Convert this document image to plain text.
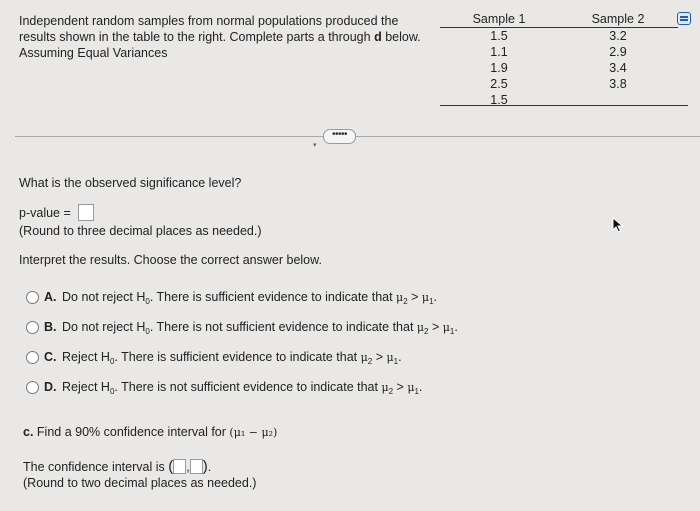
Independent random samples from normal populations produced the
results shown in the table to the right. Complete parts a through d below.
Assuming Equal Variances
Sample 1	Sample 2
1.5	3.2
1.1	2.9
1.9	3.4
2.5	3.8
1.5	
•••••
▾
What is the observed significance level?
p-value =
(Round to three decimal places as needed.)
Interpret the results. Choose the correct answer below.
A. Do not reject $H_0$. There is sufficient evidence to indicate that $\mu_2 > \mu_1$.
B. Do not reject $H_0$. There is not sufficient evidence to indicate that $\mu_2 > \mu_1$.
C. Reject $H_0$. There is sufficient evidence to indicate that $\mu_2 > \mu_1$.
D. Reject $H_0$. There is not sufficient evidence to indicate that $\mu_2 > \mu_1$.
c. Find a 90% confidence interval for (μ₁ − μ₂)
The confidence interval is ( , ).
(Round to two decimal places as needed.)
